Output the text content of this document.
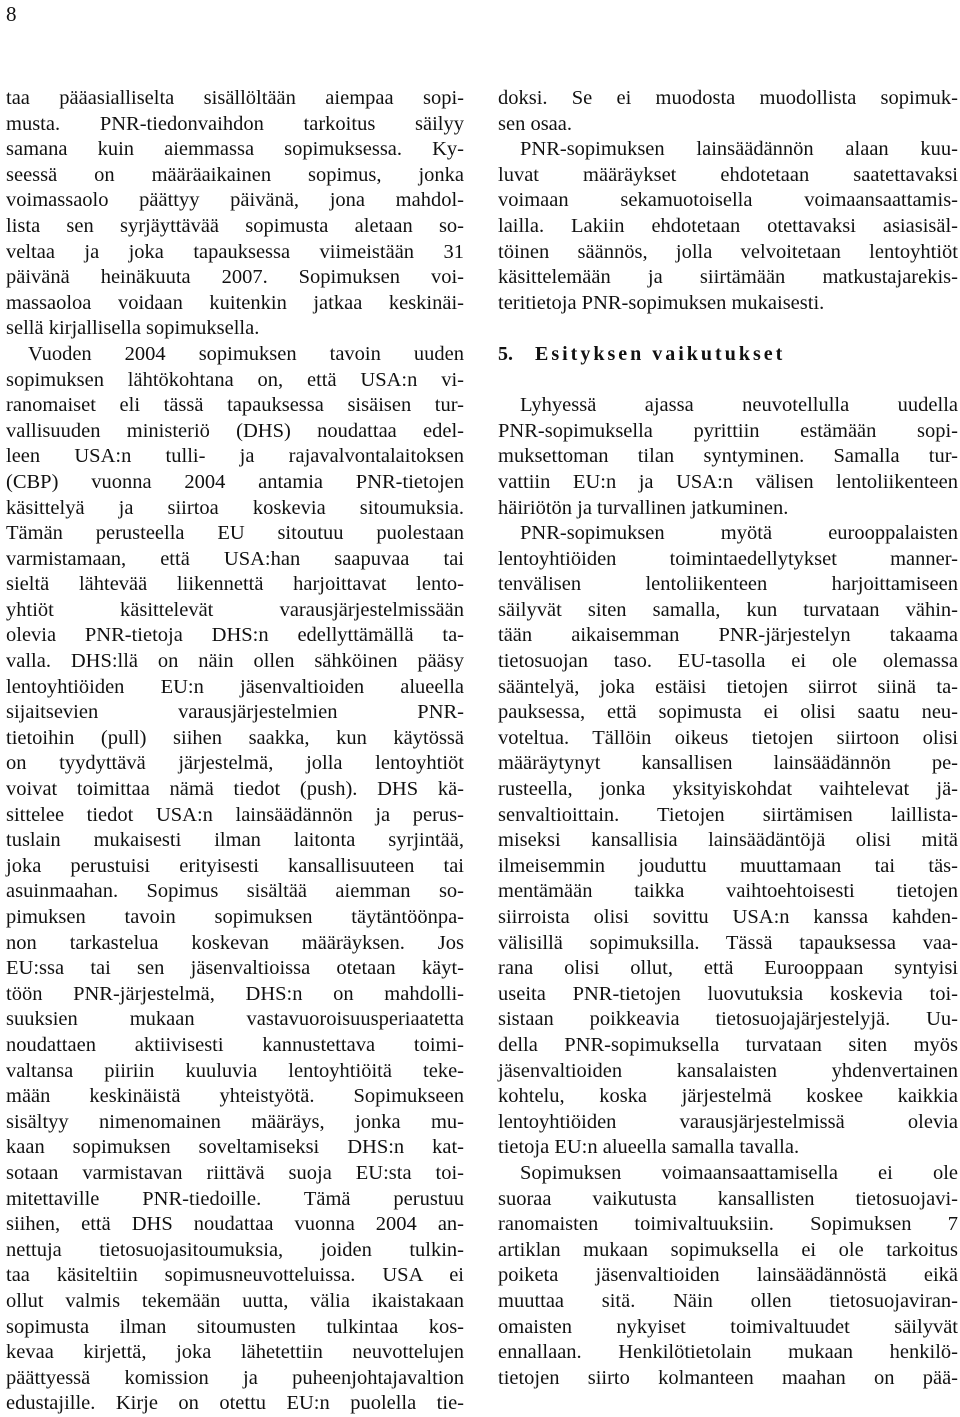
8
taa pääasialliselta sisällöltään aiempaa sopi-
musta. PNR-tiedonvaihdon tarkoitus säilyy
samana kuin aiemmassa sopimuksessa. Ky-
seessä on määräaikainen sopimus, jonka
voimassaolo päättyy päivänä, jona mahdol-
lista sen syrjäyttävää sopimusta aletaan so-
veltaa ja joka tapauksessa viimeistään 31
päivänä heinäkuuta 2007. Sopimuksen voi-
massaoloa voidaan kuitenkin jatkaa keskinäi-
sellä kirjallisella sopimuksella.
Vuoden 2004 sopimuksen tavoin uuden
sopimuksen lähtökohtana on, että USA:n vi-
ranomaiset eli tässä tapauksessa sisäisen tur-
vallisuuden ministeriö (DHS) noudattaa edel-
leen USA:n tulli- ja rajavalvontalaitoksen
(CBP) vuonna 2004 antamia PNR-tietojen
käsittelyä ja siirtoa koskevia sitoumuksia.
Tämän perusteella EU sitoutuu puolestaan
varmistamaan, että USA:han saapuvaa tai
sieltä lähtevää liikennettä harjoittavat lento-
yhtiöt käsittelevät varausjärjestelmissään
olevia PNR-tietoja DHS:n edellyttämällä ta-
valla. DHS:llä on näin ollen sähköinen pääsy
lentoyhtiöiden EU:n jäsenvaltioiden alueella
sijaitsevien varausjärjestelmien PNR-
tietoihin (pull) siihen saakka, kun käytössä
on tyydyttävä järjestelmä, jolla lentoyhtiöt
voivat toimittaa nämä tiedot (push). DHS kä-
sittelee tiedot USA:n lainsäädännön ja perus-
tuslain mukaisesti ilman laitonta syrjintää,
joka perustuisi erityisesti kansallisuuteen tai
asuinmaahan. Sopimus sisältää aiemman so-
pimuksen tavoin sopimuksen täytäntöönpa-
non tarkastelua koskevan määräyksen. Jos
EU:ssa tai sen jäsenvaltioissa otetaan käyt-
töön PNR-järjestelmä, DHS:n on mahdolli-
suuksien mukaan vastavuoroisuusperiaatetta
noudattaen aktiivisesti kannustettava toimi-
valtansa piiriin kuuluvia lentoyhtiöitä teke-
mään keskinäistä yhteistyötä. Sopimukseen
sisältyy nimenomainen määräys, jonka mu-
kaan sopimuksen soveltamiseksi DHS:n kat-
sotaan varmistavan riittävä suoja EU:sta toi-
mitettaville PNR-tiedoille. Tämä perustuu
siihen, että DHS noudattaa vuonna 2004 an-
nettuja tietosuojasitoumuksia, joiden tulkin-
taa käsiteltiin sopimusneuvotteluissa. USA ei
ollut valmis tekemään uutta, välia ikaistakaan
sopimusta ilman sitoumusten tulkintaa kos-
kevaa kirjettä, joka lähetettiin neuvottelujen
päättyessä komission ja puheenjohtajavaltion
edustajille. Kirje on otettu EU:n puolella tie-
doksi. Se ei muodosta muodollista sopimuk-
sen osaa.
PNR-sopimuksen lainsäädännön alaan kuu-
luvat määräykset ehdotetaan saatettavaksi
voimaan sekamuotoisella voimaansaattamis-
lailla. Lakiin ehdotetaan otettavaksi asiasisäl-
töinen säännös, jolla velvoitetaan lentoyhtiöt
käsittelemään ja siirtämään matkustajarekis-
teritietoja PNR-sopimuksen mukaisesti.
5. Esityksen vaikutukset
Lyhyessä ajassa neuvotellulla uudella
PNR-sopimuksella pyrittiin estämään sopi-
muksettoman tilan syntyminen. Samalla tur-
vattiin EU:n ja USA:n välisen lentoliikenteen
häiriötön ja turvallinen jatkuminen.
PNR-sopimuksen myötä eurooppalaisten
lentoyhtiöiden toimintaedellytykset manner-
tenvälisen lentoliikenteen harjoittamiseen
säilyvät siten samalla, kun turvataan vähin-
tään aikaisemman PNR-järjestelyn takaama
tietosuojan taso. EU-tasolla ei ole olemassa
sääntelyä, joka estäisi tietojen siirrot siinä ta-
pauksessa, että sopimusta ei olisi saatu neu-
voteltua. Tällöin oikeus tietojen siirtoon olisi
määräytynyt kansallisen lainsäädännön pe-
rusteella, jonka yksityiskohdat vaihtelevat jä-
senvaltioittain. Tietojen siirtämisen laillista-
miseksi kansallisia lainsäädäntöjä olisi mitä
ilmeisemmin jouduttu muuttamaan tai täs-
mentämään taikka vaihtoehtoisesti tietojen
siirroista olisi sovittu USA:n kanssa kahden-
välisillä sopimuksilla. Tässä tapauksessa vaa-
rana olisi ollut, että Eurooppaan syntyisi
useita PNR-tietojen luovutuksia koskevia toi-
sistaan poikkeavia tietosuojajärjestelyjä. Uu-
della PNR-sopimuksella turvataan siten myös
jäsenvaltioiden kansalaisten yhdenvertainen
kohtelu, koska järjestelmä koskee kaikkia
lentoyhtiöiden varausjärjestelmissä olevia
tietoja EU:n alueella samalla tavalla.
Sopimuksen voimaansaattamisella ei ole
suoraa vaikutusta kansallisten tietosuojavi-
ranomaisten toimivaltuuksiin. Sopimuksen 7
artiklan mukaan sopimuksella ei ole tarkoitus
poiketa jäsenvaltioiden lainsäädännöstä eikä
muuttaa sitä. Näin ollen tietosuojaviran-
omaisten nykyiset toimivaltuudet säilyvät
ennallaan. Henkilötietolain mukaan henkilö-
tietojen siirto kolmanteen maahan on pää-
